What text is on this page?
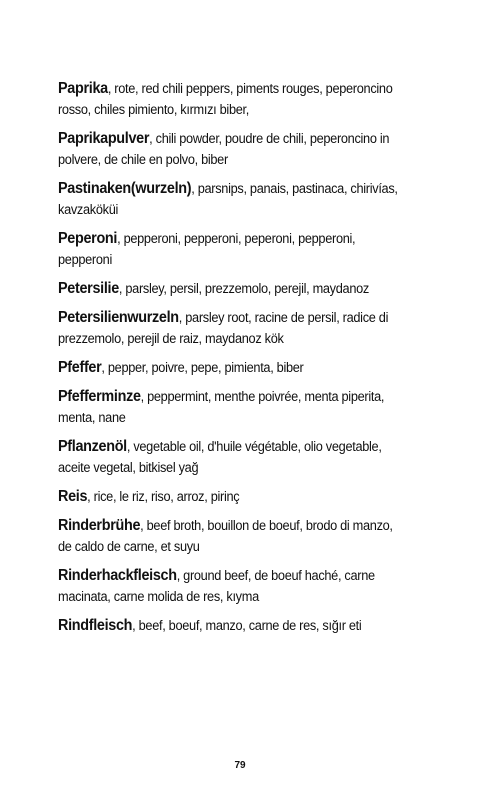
Paprika, rote, red chili peppers, piments rouges, peperoncino rosso, chiles pimiento, kırmızı biber,

Paprikapulver, chili powder, poudre de chili, peperoncino in polvere, de chile en polvo, biber

Pastinaken(wurzeln), parsnips, panais, pastinaca, chirivías, kavzaköküi

Peperoni, pepperoni, pepperoni, peperoni, pepperoni, pepperoni

Petersilie, parsley, persil, prezzemolo, perejil, maydanoz

Petersilienwurzeln, parsley root, racine de persil, radice di prezzemolo, perejil de raiz, maydanoz kök

Pfeffer, pepper, poivre, pepe, pimienta, biber

Pfefferminze, peppermint, menthe poivrée, menta piperita, menta, nane

Pflanzenöl, vegetable oil, d'huile végétable, olio vegetable, aceite vegetal, bitkisel yağ

Reis, rice, le riz, riso, arroz, pirinç

Rinderbrühe, beef broth, bouillon de boeuf, brodo di manzo, de caldo de carne, et suyu

Rinderhackfleisch, ground beef, de boeuf haché, carne macinata, carne molida de res, kıyma

Rindfleisch, beef, boeuf, manzo, carne de res, sığır eti

79
